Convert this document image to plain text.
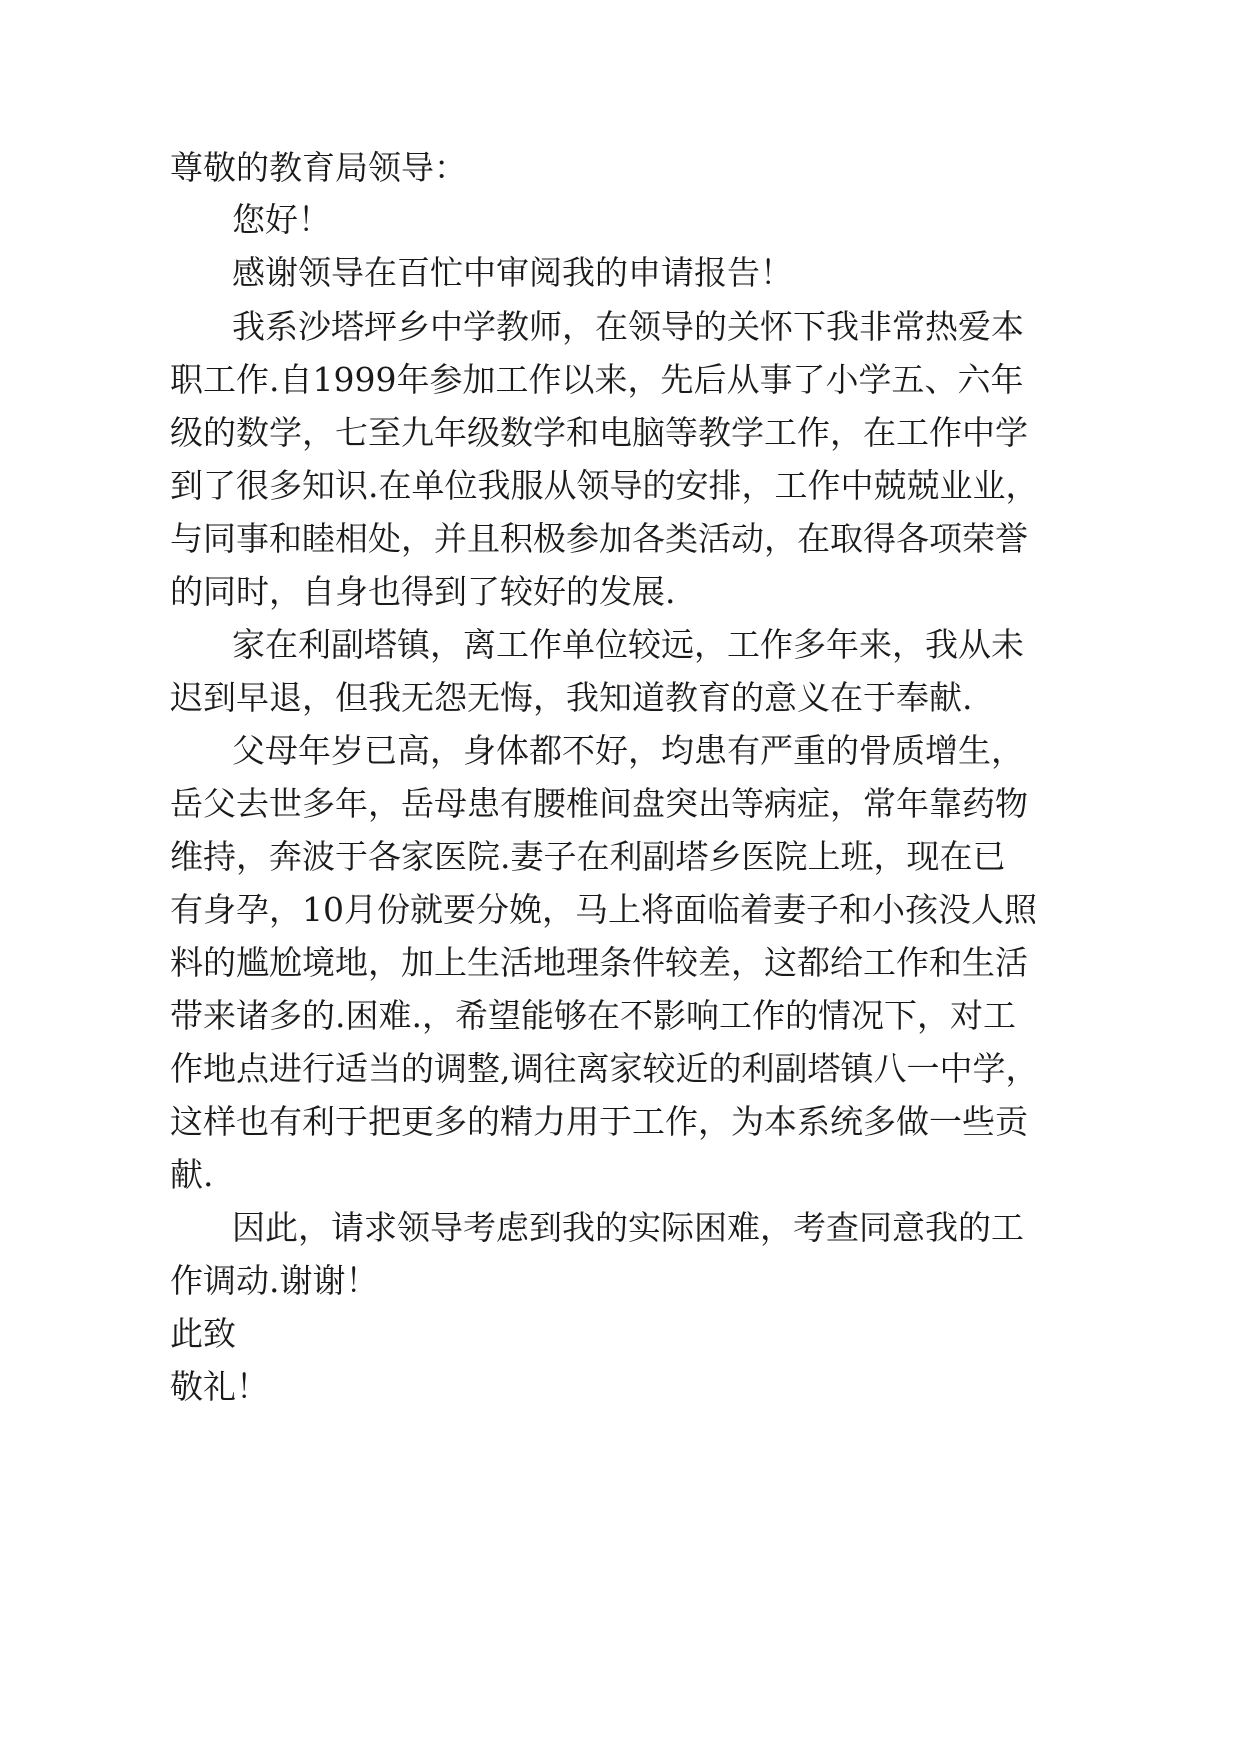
尊敬的教育局领导：
您好！
感谢领导在百忙中审阅我的申请报告！
我系沙塔坪乡中学教师，在领导的关怀下我非常热爱本
职工作.自1999年参加工作以来，先后从事了小学五、六年
级的数学，七至九年级数学和电脑等教学工作，在工作中学
到了很多知识.在单位我服从领导的安排，工作中兢兢业业，
与同事和睦相处，并且积极参加各类活动，在取得各项荣誉
的同时，自身也得到了较好的发展.
家在利副塔镇，离工作单位较远，工作多年来，我从未
迟到早退，但我无怨无悔，我知道教育的意义在于奉献.
父母年岁已高，身体都不好，均患有严重的骨质增生，
岳父去世多年，岳母患有腰椎间盘突出等病症，常年靠药物
维持，奔波于各家医院.妻子在利副塔乡医院上班，现在已
有身孕，10月份就要分娩，马上将面临着妻子和小孩没人照
料的尴尬境地，加上生活地理条件较差，这都给工作和生活
带来诸多的.困难.，希望能够在不影响工作的情况下，对工
作地点进行适当的调整,调往离家较近的利副塔镇八一中学，
这样也有利于把更多的精力用于工作，为本系统多做一些贡
献.
因此，请求领导考虑到我的实际困难，考查同意我的工
作调动.谢谢！
此致
敬礼！
